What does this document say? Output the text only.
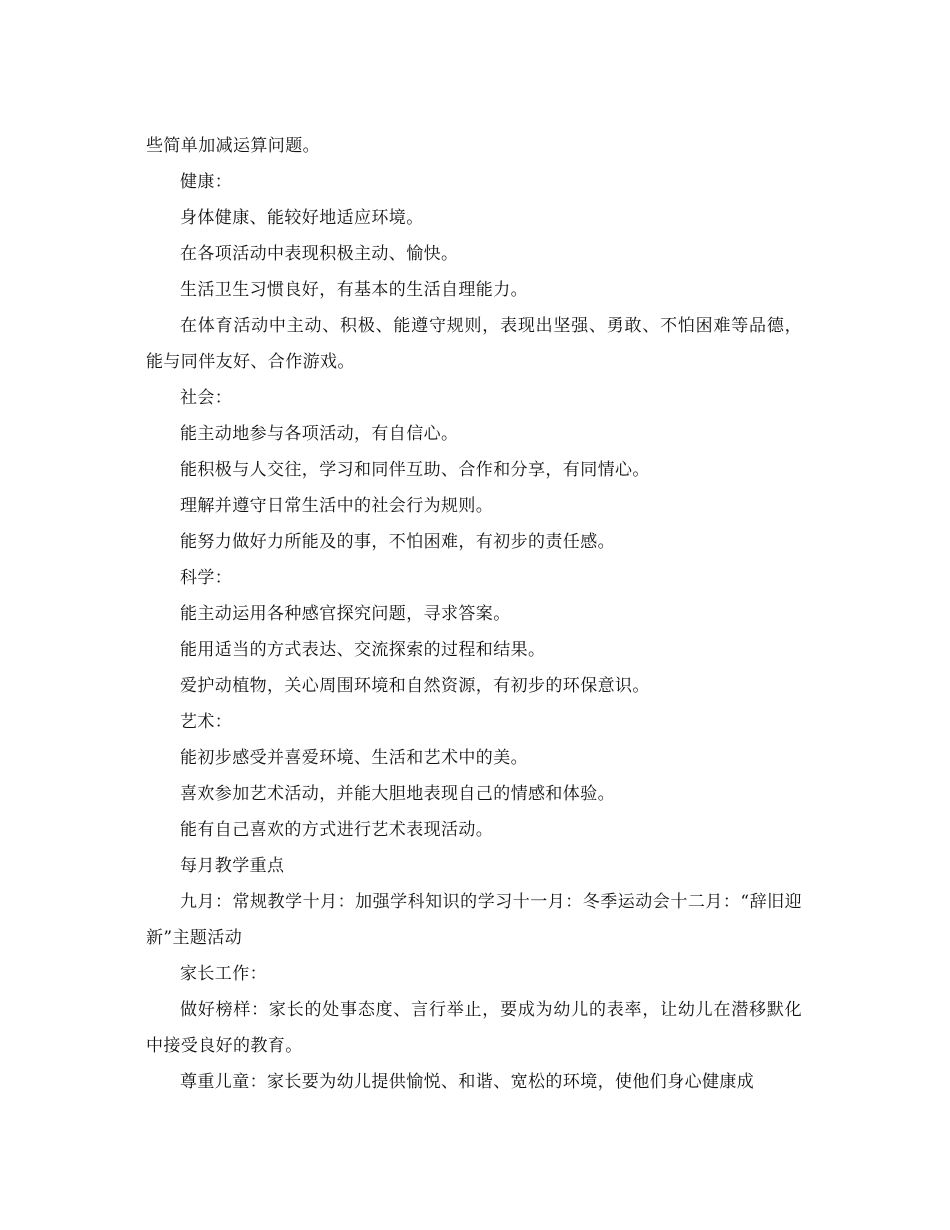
些简单加减运算问题。

健康：

身体健康、能较好地适应环境。

在各项活动中表现积极主动、愉快。

生活卫生习惯良好，有基本的生活自理能力。

在体育活动中主动、积极、能遵守规则，表现出坚强、勇敢、不怕困难等品德，能与同伴友好、合作游戏。

社会：

能主动地参与各项活动，有自信心。

能积极与人交往，学习和同伴互助、合作和分享，有同情心。

理解并遵守日常生活中的社会行为规则。

能努力做好力所能及的事，不怕困难，有初步的责任感。

科学：

能主动运用各种感官探究问题，寻求答案。

能用适当的方式表达、交流探索的过程和结果。

爱护动植物，关心周围环境和自然资源，有初步的环保意识。

艺术：

能初步感受并喜爱环境、生活和艺术中的美。

喜欢参加艺术活动，并能大胆地表现自己的情感和体验。

能有自己喜欢的方式进行艺术表现活动。

每月教学重点

九月：常规教学十月：加强学科知识的学习十一月：冬季运动会十二月：“辞旧迎新”主题活动

家长工作：

做好榜样：家长的处事态度、言行举止，要成为幼儿的表率，让幼儿在潜移默化中接受良好的教育。

尊重儿童：家长要为幼儿提供愉悦、和谐、宽松的环境，使他们身心健康成
